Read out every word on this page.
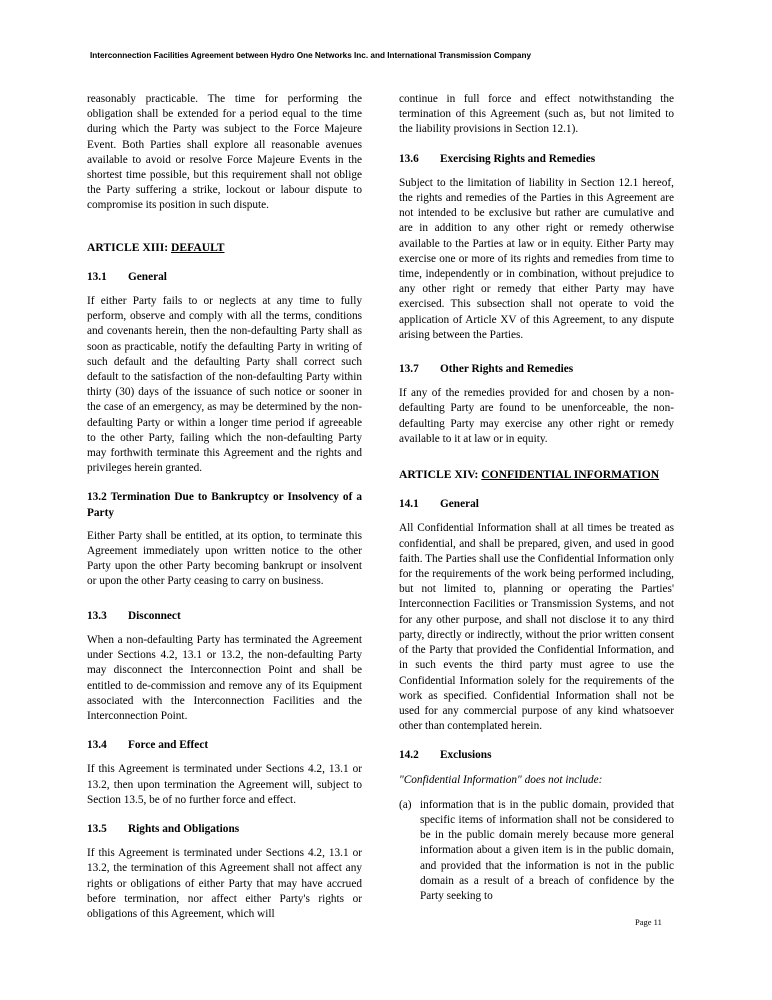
Interconnection Facilities Agreement between Hydro One Networks Inc. and International Transmission Company

reasonably practicable. The time for performing the obligation shall be extended for a period equal to the time during which the Party was subject to the Force Majeure Event. Both Parties shall explore all reasonable avenues available to avoid or resolve Force Majeure Events in the shortest time possible, but this requirement shall not oblige the Party suffering a strike, lockout or labour dispute to compromise its position in such dispute.

ARTICLE XIII: DEFAULT
13.1	General

If either Party fails to or neglects at any time to fully perform, observe and comply with all the terms, conditions and covenants herein, then the non-defaulting Party shall as soon as practicable, notify the defaulting Party in writing of such default and the defaulting Party shall correct such default to the satisfaction of the non-defaulting Party within thirty (30) days of the issuance of such notice or sooner in the case of an emergency, as may be determined by the non-defaulting Party or within a longer time period if agreeable to the other Party, failing which the non-defaulting Party may forthwith terminate this Agreement and the rights and privileges herein granted.

13.2 Termination Due to Bankruptcy or Insolvency of a Party

Either Party shall be entitled, at its option, to terminate this Agreement immediately upon written notice to the other Party upon the other Party becoming bankrupt or insolvent or upon the other Party ceasing to carry on business.

13.3	Disconnect

When a non-defaulting Party has terminated the Agreement under Sections 4.2, 13.1 or 13.2, the non-defaulting Party may disconnect the Interconnection Point and shall be entitled to de-commission and remove any of its Equipment associated with the Interconnection Facilities and the Interconnection Point.

13.4	Force and Effect

If this Agreement is terminated under Sections 4.2, 13.1 or 13.2, then upon termination the Agreement will, subject to Section 13.5, be of no further force and effect.

13.5	Rights and Obligations

If this Agreement is terminated under Sections 4.2, 13.1 or 13.2, the termination of this Agreement shall not affect any rights or obligations of either Party that may have accrued before termination, nor affect either Party's rights or obligations of this Agreement, which will

continue in full force and effect notwithstanding the termination of this Agreement (such as, but not limited to the liability provisions in Section 12.1).

13.6	Exercising Rights and Remedies

Subject to the limitation of liability in Section 12.1 hereof, the rights and remedies of the Parties in this Agreement are not intended to be exclusive but rather are cumulative and are in addition to any other right or remedy otherwise available to the Parties at law or in equity. Either Party may exercise one or more of its rights and remedies from time to time, independently or in combination, without prejudice to any other right or remedy that either Party may have exercised. This subsection shall not operate to void the application of Article XV of this Agreement, to any dispute arising between the Parties.

13.7	Other Rights and Remedies

If any of the remedies provided for and chosen by a non-defaulting Party are found to be unenforceable, the non-defaulting Party may exercise any other right or remedy available to it at law or in equity.

ARTICLE XIV: CONFIDENTIAL INFORMATION
14.1	General

All Confidential Information shall at all times be treated as confidential, and shall be prepared, given, and used in good faith. The Parties shall use the Confidential Information only for the requirements of the work being performed including, but not limited to, planning or operating the Parties' Interconnection Facilities or Transmission Systems, and not for any other purpose, and shall not disclose it to any third party, directly or indirectly, without the prior written consent of the Party that provided the Confidential Information, and in such events the third party must agree to use the Confidential Information solely for the requirements of the work as specified. Confidential Information shall not be used for any commercial purpose of any kind whatsoever other than contemplated herein.

14.2	Exclusions

"Confidential Information" does not include:

(a) information that is in the public domain, provided that specific items of information shall not be considered to be in the public domain merely because more general information about a given item is in the public domain, and provided that the information is not in the public domain as a result of a breach of confidence by the Party seeking to
Page 11
